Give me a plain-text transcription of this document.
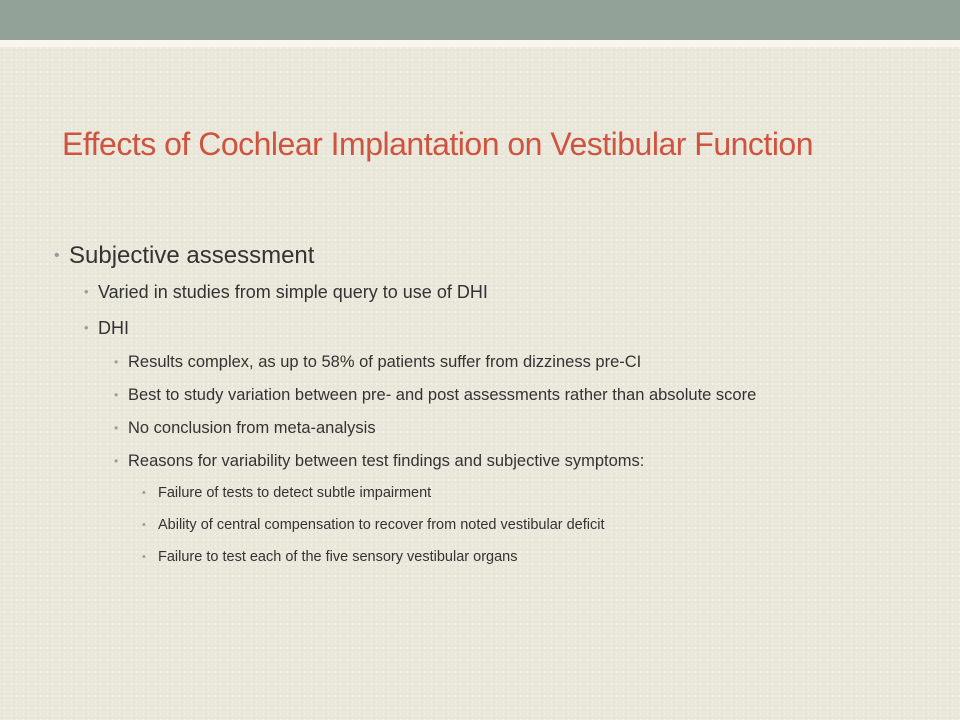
Effects of Cochlear Implantation on Vestibular Function
• Subjective assessment
• Varied in studies from simple query to use of DHI
• DHI
• Results complex, as up to 58% of patients suffer from dizziness pre-CI
• Best to study variation between pre- and post assessments rather than absolute score
• No conclusion from meta-analysis
• Reasons for variability between test findings and subjective symptoms:
• Failure of tests to detect subtle impairment
• Ability of central compensation to recover from noted vestibular deficit
• Failure to test each of the five sensory vestibular organs
